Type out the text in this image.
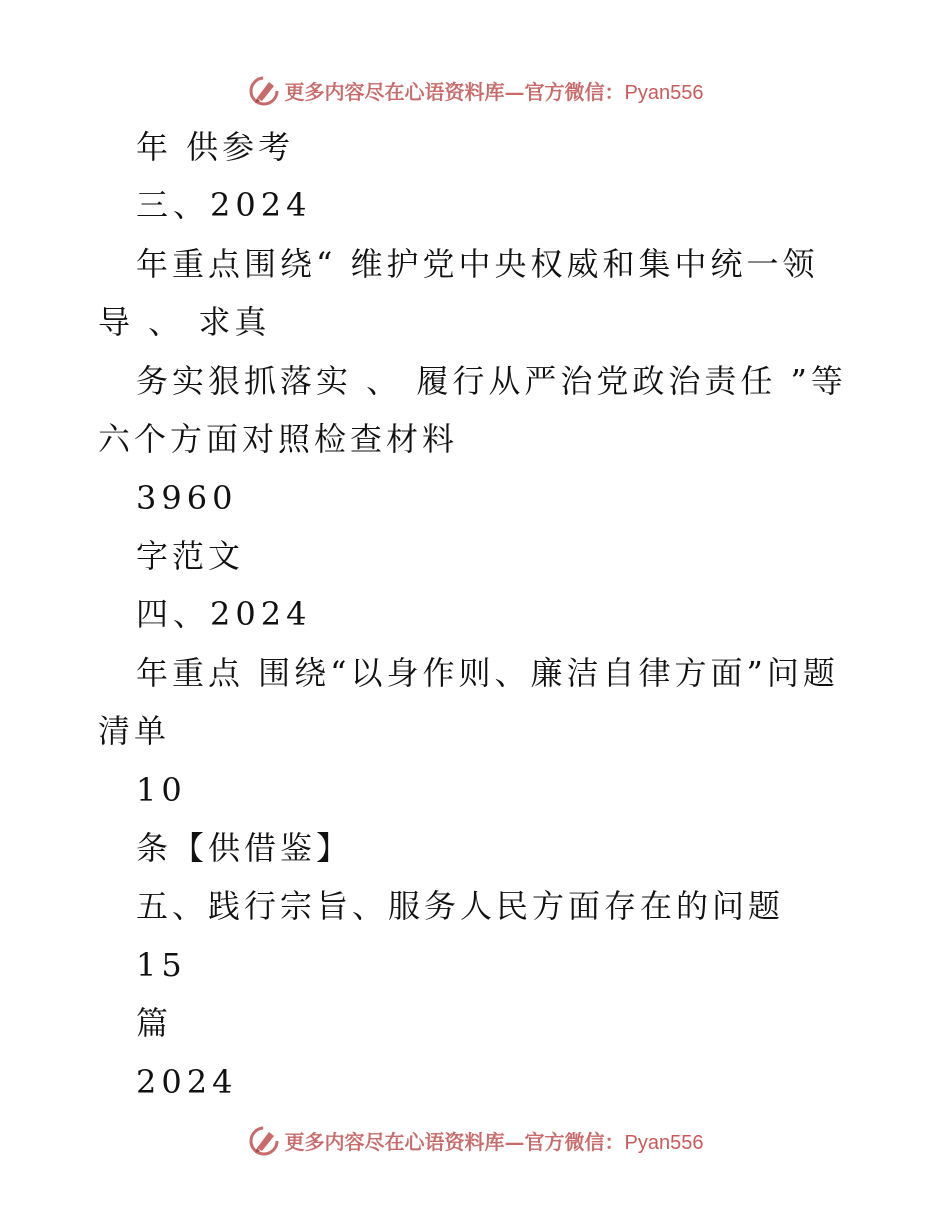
更多内容尽在心语资料库—官方微信：Pyan556
年 供参考
三、2024
年重点围绕“ 维护党中央权威和集中统一领
导 、 求真
务实狠抓落实 、 履行从严治党政治责任 ”等
六个方面对照检查材料
3960
字范文
四、2024
年重点 围绕“以身作则、廉洁自律方面”问题
清单
10
条【供借鉴】
五、践行宗旨、服务人民方面存在的问题
15
篇
2024
更多内容尽在心语资料库—官方微信：Pyan556
